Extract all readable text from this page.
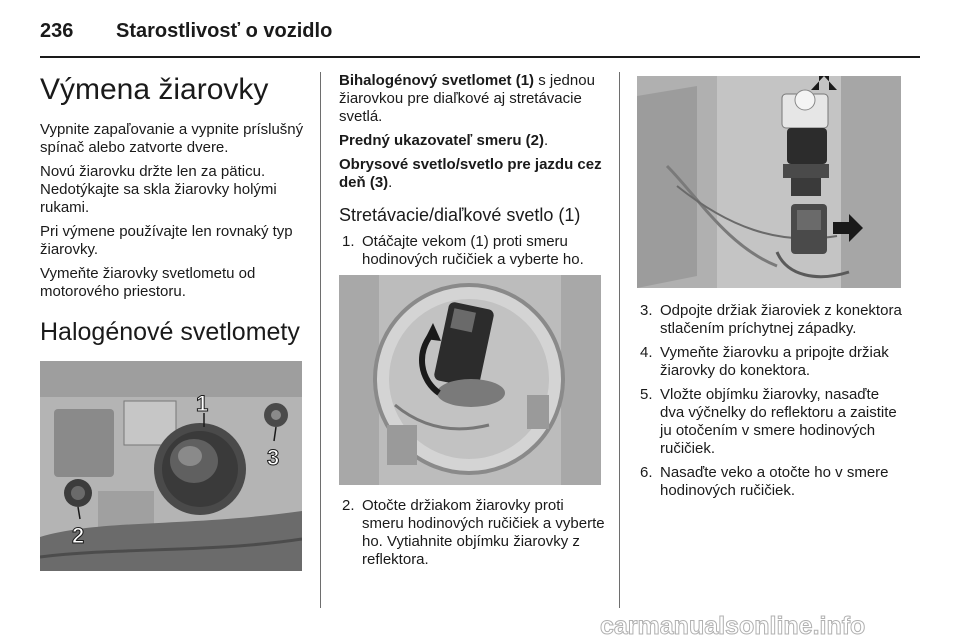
236 Starostlivosť o vozidlo
Výmena žiarovky

Vypnite zapaľovanie a vypnite príslušný spínač alebo zatvorte dvere.

Novú žiarovku držte len za päticu. Nedotýkajte sa skla žiarovky holými rukami.

Pri výmene používajte len rovnaký typ žiarovky.

Vymeňte žiarovky svetlometu od motorového priestoru.

Halogénové svetlomety
1
2
3

Bihalogénový svetlomet (1) s jednou žiarovkou pre diaľkové aj stretávacie svetlá.

Predný ukazovateľ smeru (2).

Obrysové svetlo/svetlo pre jazdu cez deň (3).

Stretávacie/diaľkové svetlo (1)
1. Otáčajte vekom (1) proti smeru hodinových ručičiek a vyberte ho.
2. Otočte držiakom žiarovky proti smeru hodinových ručičiek a vyberte ho. Vytiahnite objímku žiarovky z reflektora.
3. Odpojte držiak žiaroviek z konektora stlačením príchytnej západky.
4. Vymeňte žiarovku a pripojte držiak žiarovky do konektora.
5. Vložte objímku žiarovky, nasaďte dva výčnelky do reflektoru a zaistite ju otočením v smere hodinových ručičiek.
6. Nasaďte veko a otočte ho v smere hodinových ručičiek.
carmanualsonline.info
